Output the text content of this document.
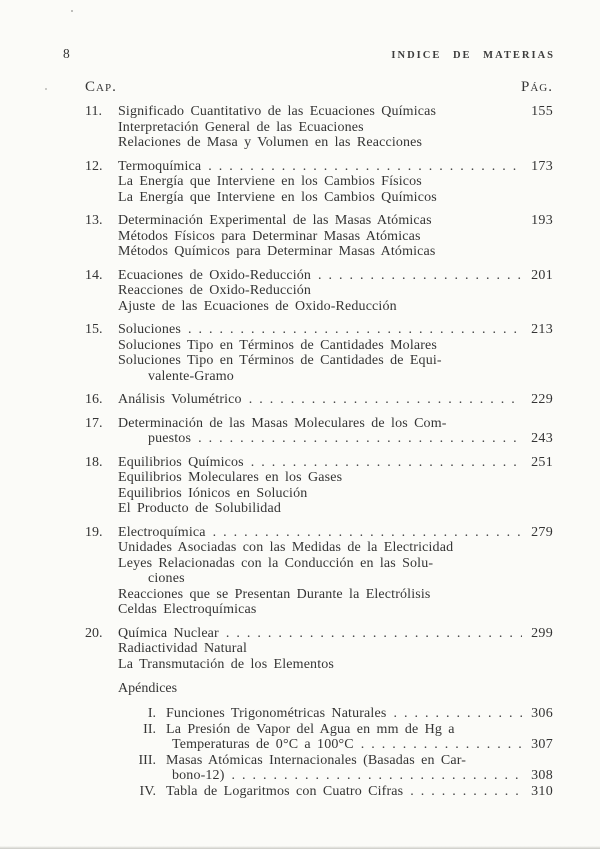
8	INDICE DE MATERIAS
Cap.	Pág.
11.	Significado Cuantitativo de las Ecuaciones Químicas	155
Interpretación General de las Ecuaciones
Relaciones de Masa y Volumen en las Reacciones
12.	Termoquímica .....	173
La Energía que Interviene en los Cambios Físicos
La Energía que Interviene en los Cambios Químicos
13.	Determinación Experimental de las Masas Atómicas	193
Métodos Físicos para Determinar Masas Atómicas
Métodos Químicos para Determinar Masas Atómicas
14.	Ecuaciones de Oxido-Reducción .....	201
Reacciones de Oxido-Reducción
Ajuste de las Ecuaciones de Oxido-Reducción
15.	Soluciones .....	213
Soluciones Tipo en Términos de Cantidades Molares
Soluciones Tipo en Términos de Cantidades de Equi-
valente-Gramo
16.	Análisis Volumétrico .....	229
17.	Determinación de las Masas Moleculares de los Com-
puestos .....	243
18.	Equilibrios Químicos .....	251
Equilibrios Moleculares en los Gases
Equilibrios Iónicos en Solución
El Producto de Solubilidad
19.	Electroquímica .....	279
Unidades Asociadas con las Medidas de la Electricidad
Leyes Relacionadas con la Conducción en las Solu-
ciones
Reacciones que se Presentan Durante la Electrólisis
Celdas Electroquímicas
20.	Química Nuclear .....	299
Radiactividad Natural
La Transmutación de los Elementos
Apéndices
I. Funciones Trigonométricas Naturales .....	306
II. La Presión de Vapor del Agua en mm de Hg a
Temperaturas de 0°C a 100°C .....	307
III. Masas Atómicas Internacionales (Basadas en Car-
bono-12) .....	308
IV. Tabla de Logaritmos con Cuatro Cifras .....	310
